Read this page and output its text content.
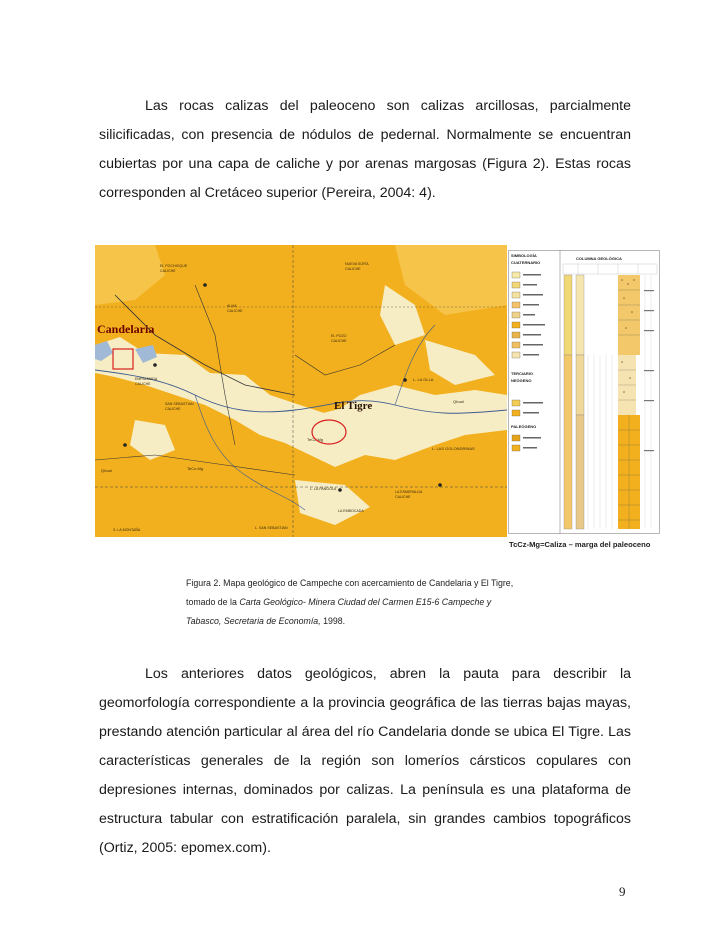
Las rocas calizas del paleoceno son calizas arcillosas, parcialmente silicificadas, con presencia de nódulos de pedernal. Normalmente se encuentran cubiertas por una capa de caliche y por arenas margosas (Figura 2). Estas rocas corresponden al Cretáceo superior (Pereira, 2004: 4).

EL POCHIOQUE
CALICHE
NUEVA SOFÍA
CALICHE
ALMA
CALICHE
EL POZO
CALICHE
L. LA OLLA
Qhoal
L. LAS GOLONDRINAS
EMPALMADA
CALICHE
SAN SEBASTIAN
CALICHE
Qhoal	TeCz-Mg
L. LA PANGOLA
LA EMBOCADA
LA ESMERALDA
CALICHE
S. LA MONTAÑA	L. SAN SEBASTIAN
TeCz-Mg
Candelaria
El Tigre
SIMBOLOGÍA
CUATERNARIO
COLUMNA GEOLÓGICA
TERCIARIO
NEÓGENO
PALEÓGENO
TcCz-Mg=Caliza – marga del paleoceno

Figura 2. Mapa geológico de Campeche con acercamiento de Candelaria y El Tigre,

tomado de la Carta Geológico- Minera Ciudad del Carmen E15-6 Campeche y

Tabasco, Secretaria de Economía, 1998.

Los anteriores datos geológicos, abren la pauta para describir la geomorfología correspondiente a la provincia geográfica de las tierras bajas mayas, prestando atención particular al área del río Candelaria donde se ubica El Tigre. Las características generales de la región son lomeríos cársticos copulares con depresiones internas, dominados por calizas. La península es una plataforma de estructura tabular con estratificación paralela, sin grandes cambios topográficos (Ortiz, 2005: epomex.com).

9
